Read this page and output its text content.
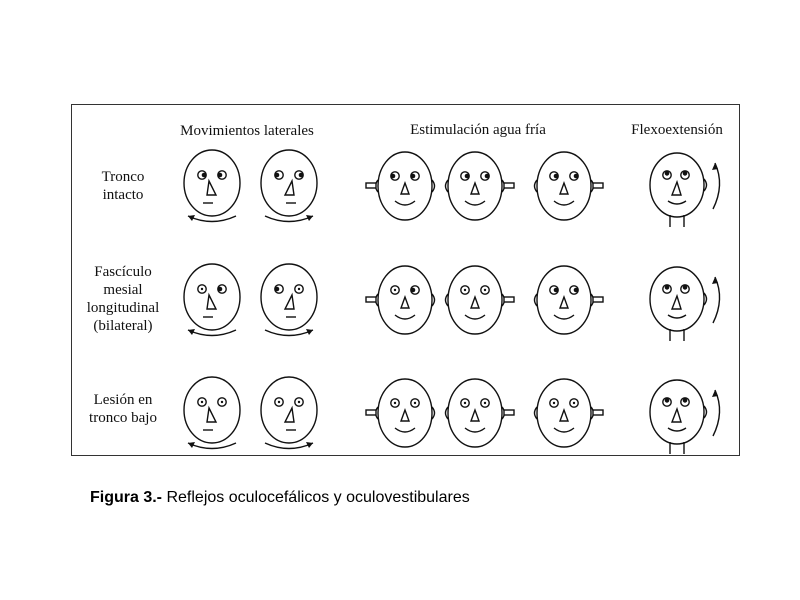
Movimientos laterales	Estimulación agua fría	Flexoextensión
Tronco
intacto
Fascículo
mesial
longitudinal
(bilateral)
Lesión en
tronco bajo
Figura 3.- Reflejos oculocefálicos y oculovestibulares
